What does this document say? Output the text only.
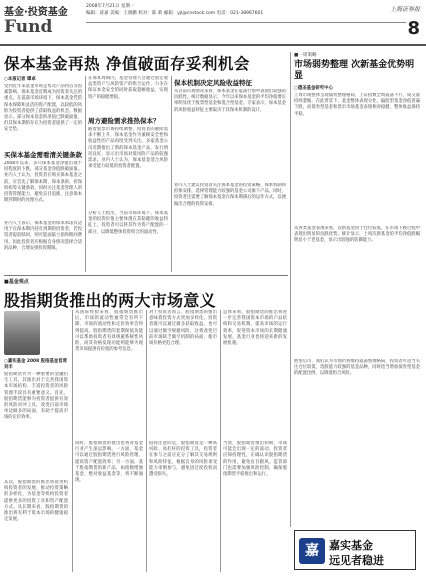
基金·投资基金
Fund
2008年7月21日 星期一
编辑：聂嘉 美编：王晓鹏 校对：陈 莉 邮箱：yjl@cnstock.com 电话：021-38967601
上海证券报
8
保本基金再热 净值破面存妥利机会
○本报记者 谭卓
受到近年来基金市场走势及产品特点等因素影响，保本基金近期成为投资者关注的重点。在震荡市场环境下，保本基金凭借保本保障和灵活的资产配置，以较低的风险为投资者提供了获取收益的机会。数据显示，部分保本基金的净值已跌破面值，但其保本期的存在为投资者提供了一定的安全垫。
买保本基金需看清关键条款
2008年以来，多只保本基金净值出现不同程度的下跌，部分基金净值跌破面值。业内人士认为，投资者在购买保本基金之前，应首先了解保本期、保本条款、担保机构等关键条款，同时关注基金管理人的投资管理能力，避免盲目追涨，注意保本期到期时的处理方式。
业内人士表示，保本基金的保本承诺仅适用于在保本期内持有到期的投资者，若投资者提前赎回，则可能面临亏损和赎回费用。因此投资者应根据自身情况选择合适的品种，合理安排投资期限。
在保本周期内，基金管理人会通过固定收益类资产与风险资产的组合运作，力争在保证本金安全的同时获取超额收益，实现资产的稳健增值。
周方避险需求推热保本？
随着股票市场持续调整，投资者的避险需求不断上升，保本基金作为兼顾安全性和收益性的产品再度受到关注。多家基金公司近期推出了新的保本基金产品，发行情况良好，显示出市场对低风险产品的较强需求。业内人士认为，保本基金适合风险承受能力较低的投资者配置。
分析人士指出，当前市场环境下，保本基金的投资价值主要体现在其稳健的收益特征上，投资者可以将其作为资产配置的一部分，以降低整体投资组合的波动性。
保本机制决定风险收益特征
从目前市场情况来看，保本基金在震荡行情中表现出较强的抗跌性。统计数据显示，今年以来保本基金的平均净值增长率明显优于股票型基金和混合型基金。专家表示，保本基金的风险收益特征主要取决于其保本机制的设计。
业内人士建议投资者关注保本基金的投资策略、保本机制和担保安排，选择管理能力较强的基金公司旗下产品。同时，投资者还需要了解保本基金在保本期满后的运作方式，以便做出合理的投资安排。
■一周策略
市场弱势整理 次新基金优势明显
○德圣基金研究中心
上周市场整体呈现弱势整理格局，上证指数全周震荡下行，成交量持续萎缩。在此背景下，基金整体表现分化，偏股型基金净值普遍下跌，而债券型基金和货币市场基金表现相对稳健，整体收益保持平稳。
从各类基金表现来看，次新基金由于仓位较低，在市场下跌过程中表现出明显的抗跌优势。统计显示，上周次新基金的平均净值跌幅明显小于老基金，显示出较强的防御能力。
展望后市，我们认为市场仍将维持震荡整理格局，投资者可适当关注仓位较低、选股能力较强的基金品种，同时适当增加债券型基金的配置比例，以降低组合风险。
■基金观点
股指期货推出的两大市场意义
○嘉实基金 2008 股指基金首席 刘丰
股指期货作为一种重要的金融衍生工具，其推出对于完善我国资本市场结构、丰富投资者的风险管理手段具有重要意义。首先，股指期货能够为投资者提供有效的风险对冲工具，改变目前市场单边做多的局面，有助于提高市场的定价效率。
其次，股指期货的推出将促进机构投资者的发展，推动投资策略的多样化，为基金等机构投资者提供更多的投资工具和资产配置方式。从长期来看，股指期货的推出将有利于资本市场的健康稳定发展。
从国际经验来看，股指期货推出后，市场的波动性通常会有所下降，市场的流动性和定价效率会得到提高。股指期货的套期保值功能可以帮助投资者有效规避系统性风险，而其价格发现功能则能够为现货市场提供有价值的参考信息。
同时，股指期货的推出也将对基金行业产生深远影响。一方面，基金可以通过股指期货进行风险管理，提高资产配置效率；另一方面，基于股指期货的新产品，如指数增强基金、绝对收益基金等，将不断涌现。
对于投资者而言，股指期货的推出意味着投资方式更加多样化。投资者既可以通过做多获取收益，也可以通过做空规避风险，这将改变目前市场缺乏做空机制的局面，使市场价格更趋合理。
值得注意的是，股指期货是一种高风险、高杠杆的投资工具，投资者在参与之前应充分了解其交易规则和风险特征，根据自身的风险承受能力审慎参与，避免因过度投机而遭受损失。
总体来看，股指期货的推出将进一步完善我国资本市场的产品结构和交易机制，提高市场的运行效率，促进资本市场的长期健康发展。基金行业也将迎来新的发展机遇。
当然，股指期货推出初期，市场可能会出现一定的波动，投资者应保持理性，正确认识股指期货的作用，避免盲目跟风。监管部门也需要加强风险控制，确保股指期货平稳推出和运行。
嘉 嘉实基金
远见者稳进
